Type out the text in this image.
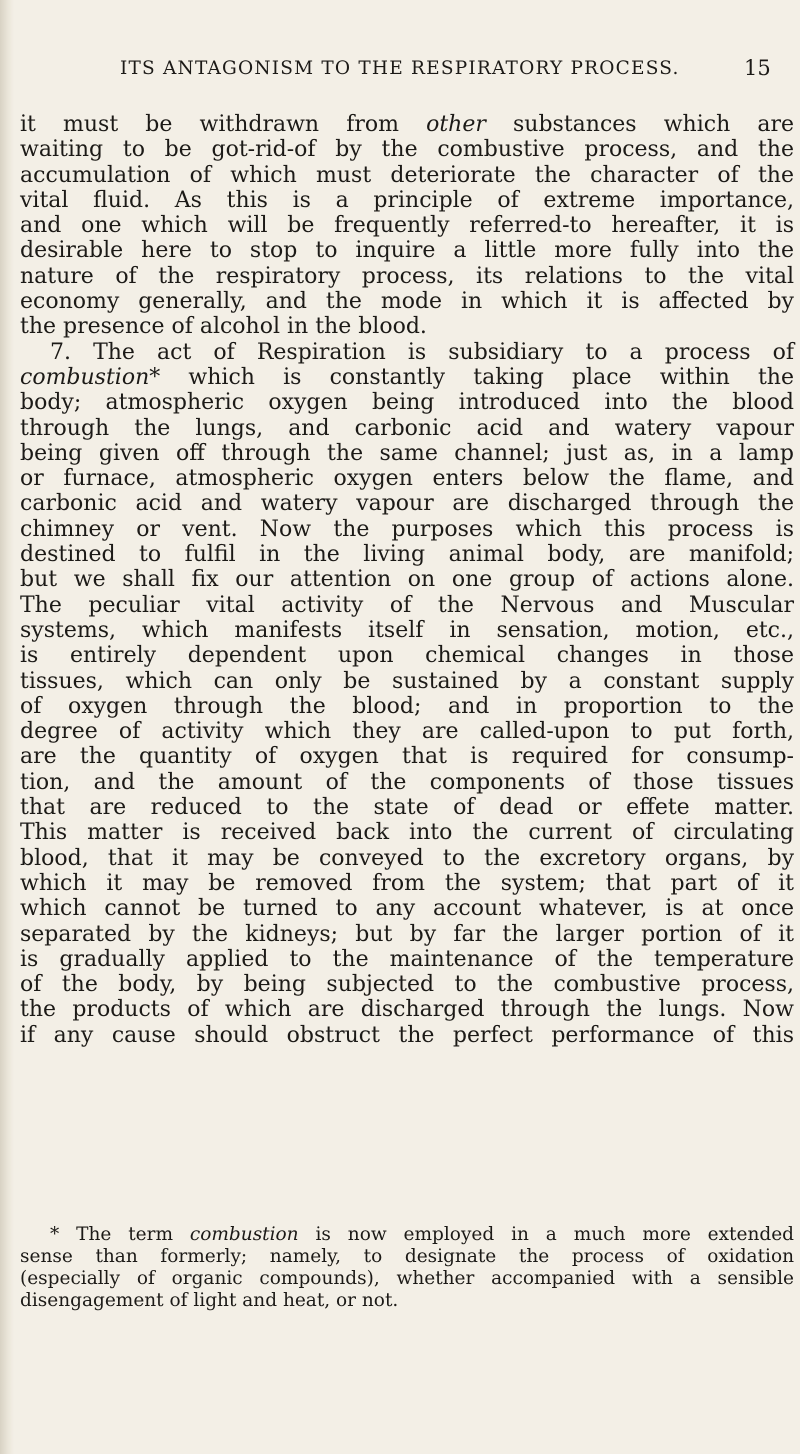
ITS ANTAGONISM TO THE RESPIRATORY PROCESS.	15
it must be withdrawn from other substances which are
waiting to be got-rid-of by the combustive process, and the
accumulation of which must deteriorate the character of the
vital fluid. As this is a principle of extreme importance,
and one which will be frequently referred-to hereafter, it is
desirable here to stop to inquire a little more fully into the
nature of the respiratory process, its relations to the vital
economy generally, and the mode in which it is affected by
the presence of alcohol in the blood.
7. The act of Respiration is subsidiary to a process of
combustion* which is constantly taking place within the
body; atmospheric oxygen being introduced into the blood
through the lungs, and carbonic acid and watery vapour
being given off through the same channel; just as, in a lamp
or furnace, atmospheric oxygen enters below the flame, and
carbonic acid and watery vapour are discharged through the
chimney or vent. Now the purposes which this process is
destined to fulfil in the living animal body, are manifold;
but we shall fix our attention on one group of actions alone.
The peculiar vital activity of the Nervous and Muscular
systems, which manifests itself in sensation, motion, etc.,
is entirely dependent upon chemical changes in those
tissues, which can only be sustained by a constant supply
of oxygen through the blood; and in proportion to the
degree of activity which they are called-upon to put forth,
are the quantity of oxygen that is required for consump-
tion, and the amount of the components of those tissues
that are reduced to the state of dead or effete matter.
This matter is received back into the current of circulating
blood, that it may be conveyed to the excretory organs, by
which it may be removed from the system; that part of it
which cannot be turned to any account whatever, is at once
separated by the kidneys; but by far the larger portion of it
is gradually applied to the maintenance of the temperature
of the body, by being subjected to the combustive process,
the products of which are discharged through the lungs. Now
if any cause should obstruct the perfect performance of this
* The term combustion is now employed in a much more extended
sense than formerly; namely, to designate the process of oxidation
(especially of organic compounds), whether accompanied with a sensible
disengagement of light and heat, or not.
